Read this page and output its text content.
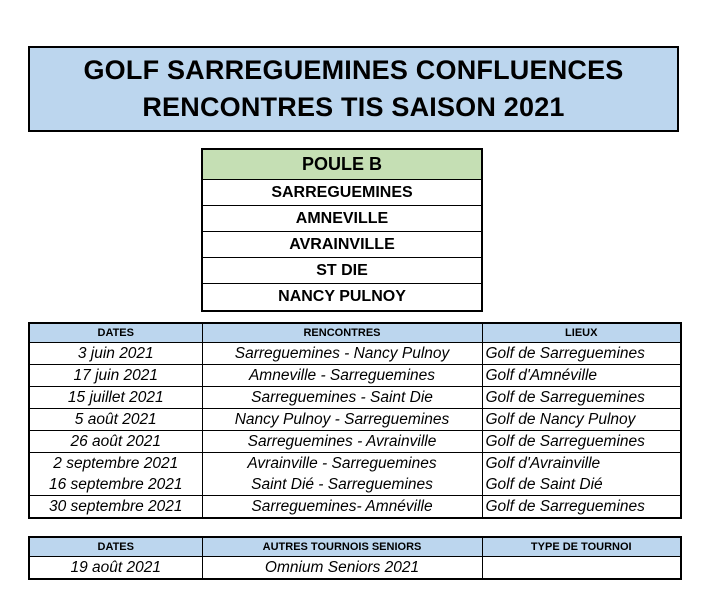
GOLF SARREGUEMINES CONFLUENCES
RENCONTRES TIS SAISON 2021
POULE B
SARREGUEMINES
AMNEVILLE
AVRAINVILLE
ST DIE
NANCY PULNOY
DATES	RENCONTRES	LIEUX
3 juin 2021	Sarreguemines - Nancy Pulnoy	Golf de Sarreguemines
17 juin 2021	Amneville - Sarreguemines	Golf d'Amnéville
15 juillet 2021	Sarreguemines - Saint Die	Golf de Sarreguemines
5 août 2021	Nancy Pulnoy - Sarreguemines	Golf de Nancy Pulnoy
26 août 2021	Sarreguemines - Avrainville	Golf de Sarreguemines
2 septembre 2021	Avrainville - Sarreguemines	Golf d'Avrainville
16 septembre 2021	Saint Dié - Sarreguemines	Golf de Saint Dié
30 septembre 2021	Sarreguemines- Amnéville	Golf de Sarreguemines
DATES	AUTRES TOURNOIS SENIORS	TYPE DE TOURNOI
19 août 2021	Omnium Seniors 2021	
